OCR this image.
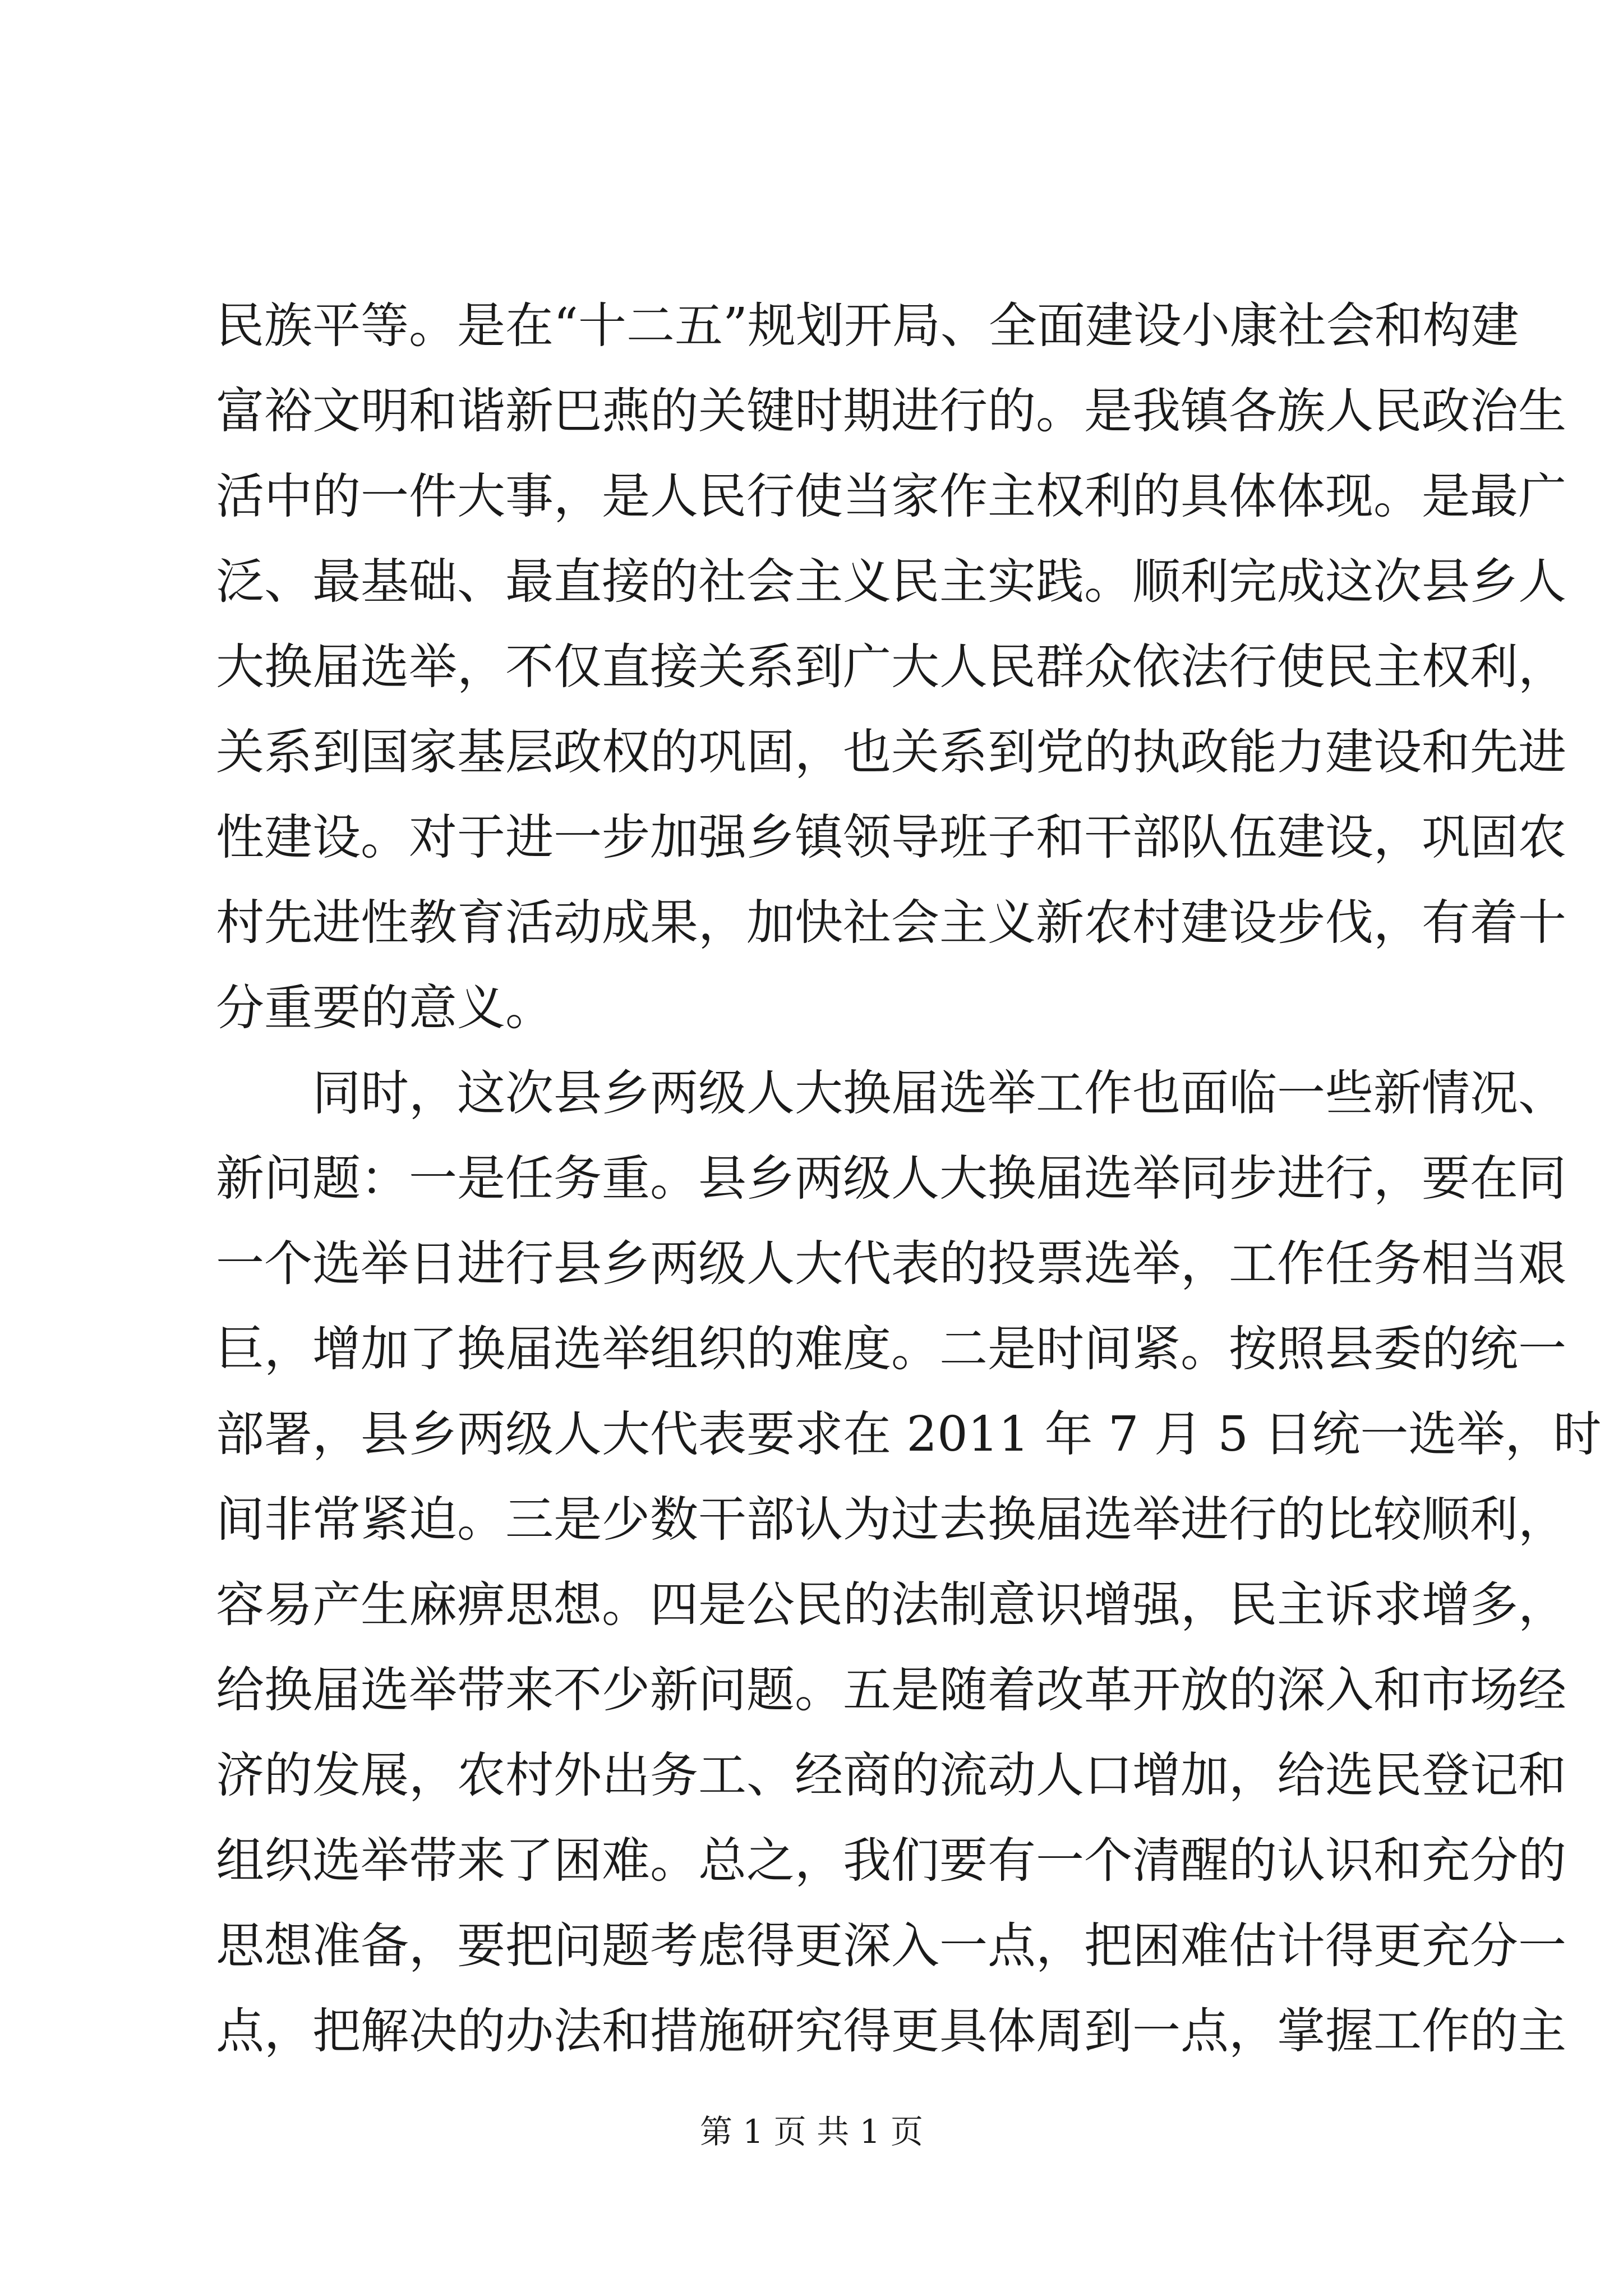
民族平等。是在“十二五”规划开局、全面建设小康社会和构建
富裕文明和谐新巴燕的关键时期进行的。是我镇各族人民政治生
活中的一件大事，是人民行使当家作主权利的具体体现。是最广
泛、最基础、最直接的社会主义民主实践。顺利完成这次县乡人
大换届选举，不仅直接关系到广大人民群众依法行使民主权利，
关系到国家基层政权的巩固，也关系到党的执政能力建设和先进
性建设。对于进一步加强乡镇领导班子和干部队伍建设，巩固农
村先进性教育活动成果，加快社会主义新农村建设步伐，有着十
分重要的意义。

同时，这次县乡两级人大换届选举工作也面临一些新情况、
新问题：一是任务重。县乡两级人大换届选举同步进行，要在同
一个选举日进行县乡两级人大代表的投票选举，工作任务相当艰
巨，增加了换届选举组织的难度。二是时间紧。按照县委的统一
部署，县乡两级人大代表要求在 2011 年 7 月 5 日统一选举，时
间非常紧迫。三是少数干部认为过去换届选举进行的比较顺利，
容易产生麻痹思想。四是公民的法制意识增强，民主诉求增多，
给换届选举带来不少新问题。五是随着改革开放的深入和市场经
济的发展，农村外出务工、经商的流动人口增加，给选民登记和
组织选举带来了困难。总之，我们要有一个清醒的认识和充分的
思想准备，要把问题考虑得更深入一点，把困难估计得更充分一
点，把解决的办法和措施研究得更具体周到一点，掌握工作的主

第 1 页 共 1 页
